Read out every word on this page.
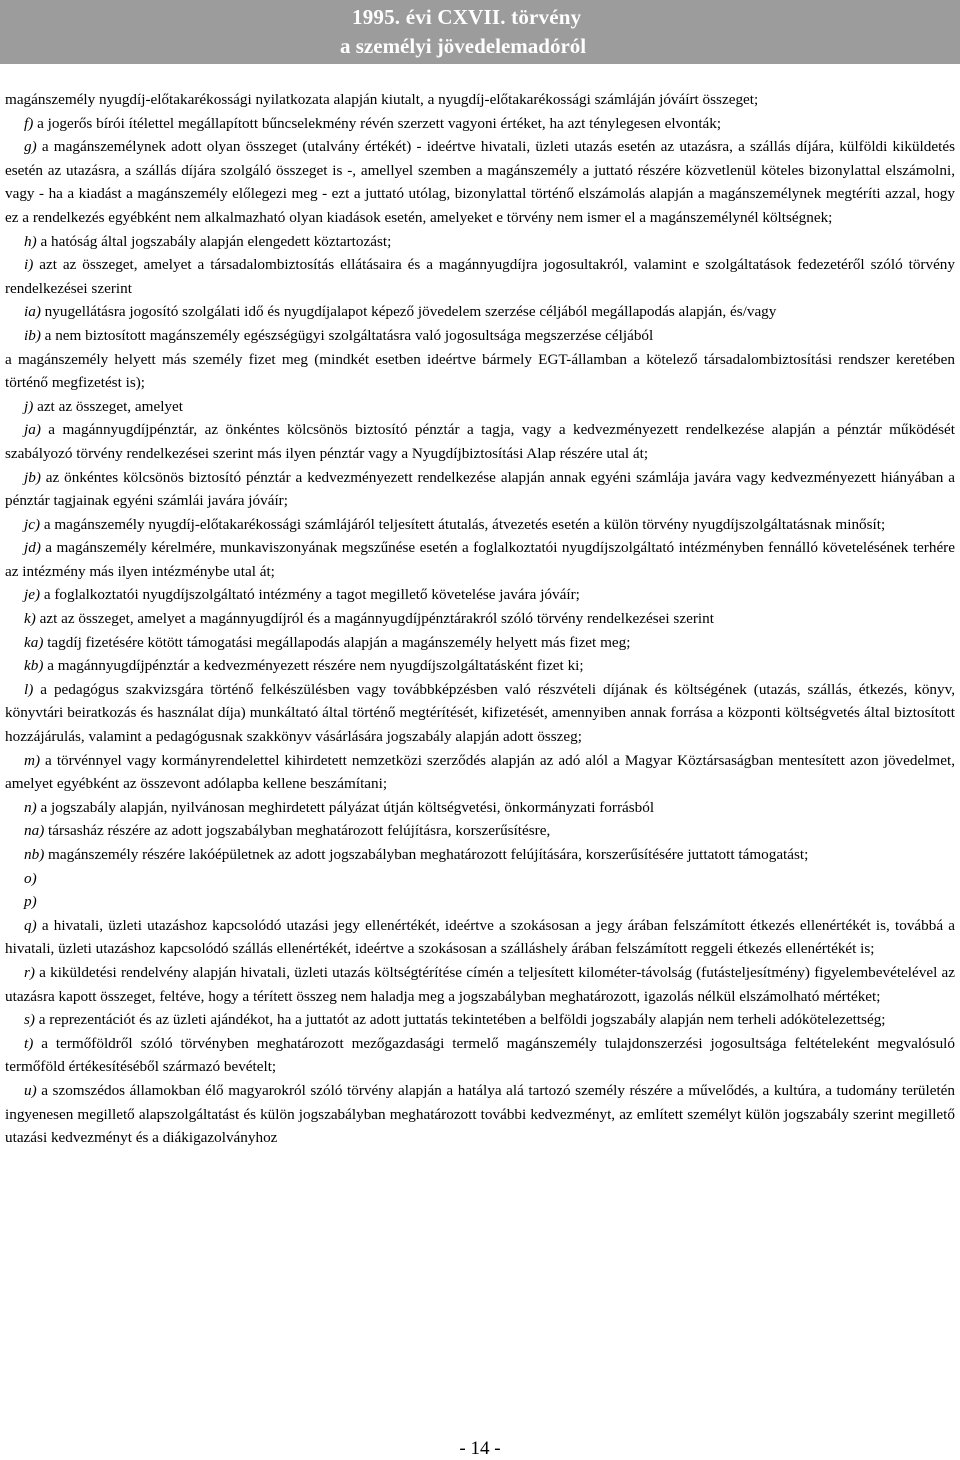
1995. évi CXVII. törvény
a személyi jövedelemadóról

magánszemély nyugdíj-előtakarékossági nyilatkozata alapján kiutalt, a nyugdíj-előtakarékossági számláján jóváírt összeget;

f) a jogerős bírói ítélettel megállapított bűncselekmény révén szerzett vagyoni értéket, ha azt ténylegesen elvonták;

g) a magánszemélynek adott olyan összeget (utalvány értékét) - ideértve hivatali, üzleti utazás esetén az utazásra, a szállás díjára, külföldi kiküldetés esetén az utazásra, a szállás díjára szolgáló összeget is -, amellyel szemben a magánszemély a juttató részére közvetlenül köteles bizonylattal elszámolni, vagy - ha a kiadást a magánszemély előlegezi meg - ezt a juttató utólag, bizonylattal történő elszámolás alapján a magánszemélynek megtéríti azzal, hogy ez a rendelkezés egyébként nem alkalmazható olyan kiadások esetén, amelyeket e törvény nem ismer el a magánszemélynél költségnek;

h) a hatóság által jogszabály alapján elengedett köztartozást;

i) azt az összeget, amelyet a társadalombiztosítás ellátásaira és a magánnyugdíjra jogosultakról, valamint e szolgáltatások fedezetéről szóló törvény rendelkezései szerint

ia) nyugellátásra jogosító szolgálati idő és nyugdíjalapot képező jövedelem szerzése céljából megállapodás alapján, és/vagy

ib) a nem biztosított magánszemély egészségügyi szolgáltatásra való jogosultsága megszerzése céljából

a magánszemély helyett más személy fizet meg (mindkét esetben ideértve bármely EGT-államban a kötelező társadalombiztosítási rendszer keretében történő megfizetést is);

j) azt az összeget, amelyet

ja) a magánnyugdíjpénztár, az önkéntes kölcsönös biztosító pénztár a tagja, vagy a kedvezményezett rendelkezése alapján a pénztár működését szabályozó törvény rendelkezései szerint más ilyen pénztár vagy a Nyugdíjbiztosítási Alap részére utal át;

jb) az önkéntes kölcsönös biztosító pénztár a kedvezményezett rendelkezése alapján annak egyéni számlája javára vagy kedvezményezett hiányában a pénztár tagjainak egyéni számlái javára jóváír;

jc) a magánszemély nyugdíj-előtakarékossági számlájáról teljesített átutalás, átvezetés esetén a külön törvény nyugdíjszolgáltatásnak minősít;

jd) a magánszemély kérelmére, munkaviszonyának megszűnése esetén a foglalkoztatói nyugdíjszolgáltató intézményben fennálló követelésének terhére az intézmény más ilyen intézménybe utal át;

je) a foglalkoztatói nyugdíjszolgáltató intézmény a tagot megillető követelése javára jóváír;

k) azt az összeget, amelyet a magánnyugdíjról és a magánnyugdíjpénztárakról szóló törvény rendelkezései szerint

ka) tagdíj fizetésére kötött támogatási megállapodás alapján a magánszemély helyett más fizet meg;

kb) a magánnyugdíjpénztár a kedvezményezett részére nem nyugdíjszolgáltatásként fizet ki;

l) a pedagógus szakvizsgára történő felkészülésben vagy továbbképzésben való részvételi díjának és költségének (utazás, szállás, étkezés, könyv, könyvtári beiratkozás és használat díja) munkáltató által történő megtérítését, kifizetését, amennyiben annak forrása a központi költségvetés által biztosított hozzájárulás, valamint a pedagógusnak szakkönyv vásárlására jogszabály alapján adott összeg;

m) a törvénnyel vagy kormányrendelettel kihirdetett nemzetközi szerződés alapján az adó alól a Magyar Köztársaságban mentesített azon jövedelmet, amelyet egyébként az összevont adólapba kellene beszámítani;

n) a jogszabály alapján, nyilvánosan meghirdetett pályázat útján költségvetési, önkormányzati forrásból

na) társasház részére az adott jogszabályban meghatározott felújításra, korszerűsítésre,

nb) magánszemély részére lakóépületnek az adott jogszabályban meghatározott felújítására, korszerűsítésére juttatott támogatást;

o)

p)

q) a hivatali, üzleti utazáshoz kapcsolódó utazási jegy ellenértékét, ideértve a szokásosan a jegy árában felszámított étkezés ellenértékét is, továbbá a hivatali, üzleti utazáshoz kapcsolódó szállás ellenértékét, ideértve a szokásosan a szálláshely árában felszámított reggeli étkezés ellenértékét is;

r) a kiküldetési rendelvény alapján hivatali, üzleti utazás költségtérítése címén a teljesített kilométer-távolság (futásteljesítmény) figyelembevételével az utazásra kapott összeget, feltéve, hogy a térített összeg nem haladja meg a jogszabályban meghatározott, igazolás nélkül elszámolható mértéket;

s) a reprezentációt és az üzleti ajándékot, ha a juttatót az adott juttatás tekintetében a belföldi jogszabály alapján nem terheli adókötelezettség;

t) a termőföldről szóló törvényben meghatározott mezőgazdasági termelő magánszemély tulajdonszerzési jogosultsága feltételeként megvalósuló termőföld értékesítéséből származó bevételt;

u) a szomszédos államokban élő magyarokról szóló törvény alapján a hatálya alá tartozó személy részére a művelődés, a kultúra, a tudomány területén ingyenesen megillető alapszolgáltatást és külön jogszabályban meghatározott további kedvezményt, az említett személyt külön jogszabály szerint megillető utazási kedvezményt és a diákigazolványhoz

- 14 -
